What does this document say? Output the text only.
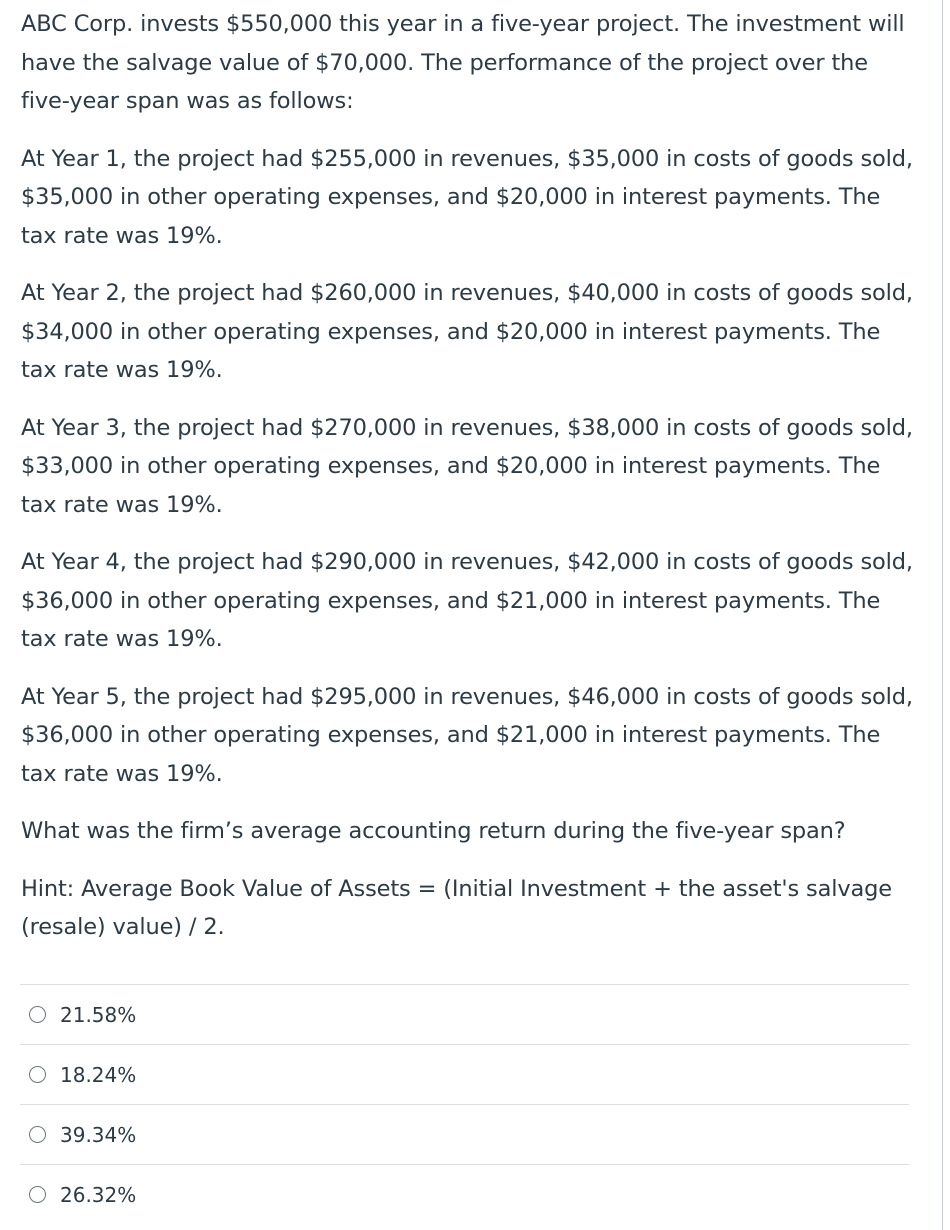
ABC Corp. invests $550,000 this year in a five-year project. The investment will have the salvage value of $70,000. The performance of the project over the five-year span was as follows:

At Year 1, the project had $255,000 in revenues, $35,000 in costs of goods sold, $35,000 in other operating expenses, and $20,000 in interest payments. The tax rate was 19%.

At Year 2, the project had $260,000 in revenues, $40,000 in costs of goods sold, $34,000 in other operating expenses, and $20,000 in interest payments. The tax rate was 19%.

At Year 3, the project had $270,000 in revenues, $38,000 in costs of goods sold, $33,000 in other operating expenses, and $20,000 in interest payments. The tax rate was 19%.

At Year 4, the project had $290,000 in revenues, $42,000 in costs of goods sold, $36,000 in other operating expenses, and $21,000 in interest payments. The tax rate was 19%.

At Year 5, the project had $295,000 in revenues, $46,000 in costs of goods sold, $36,000 in other operating expenses, and $21,000 in interest payments. The tax rate was 19%.

What was the firm’s average accounting return during the five-year span?

Hint: Average Book Value of Assets = (Initial Investment + the asset's salvage (resale) value) / 2.

21.58%
18.24%
39.34%
26.32%
